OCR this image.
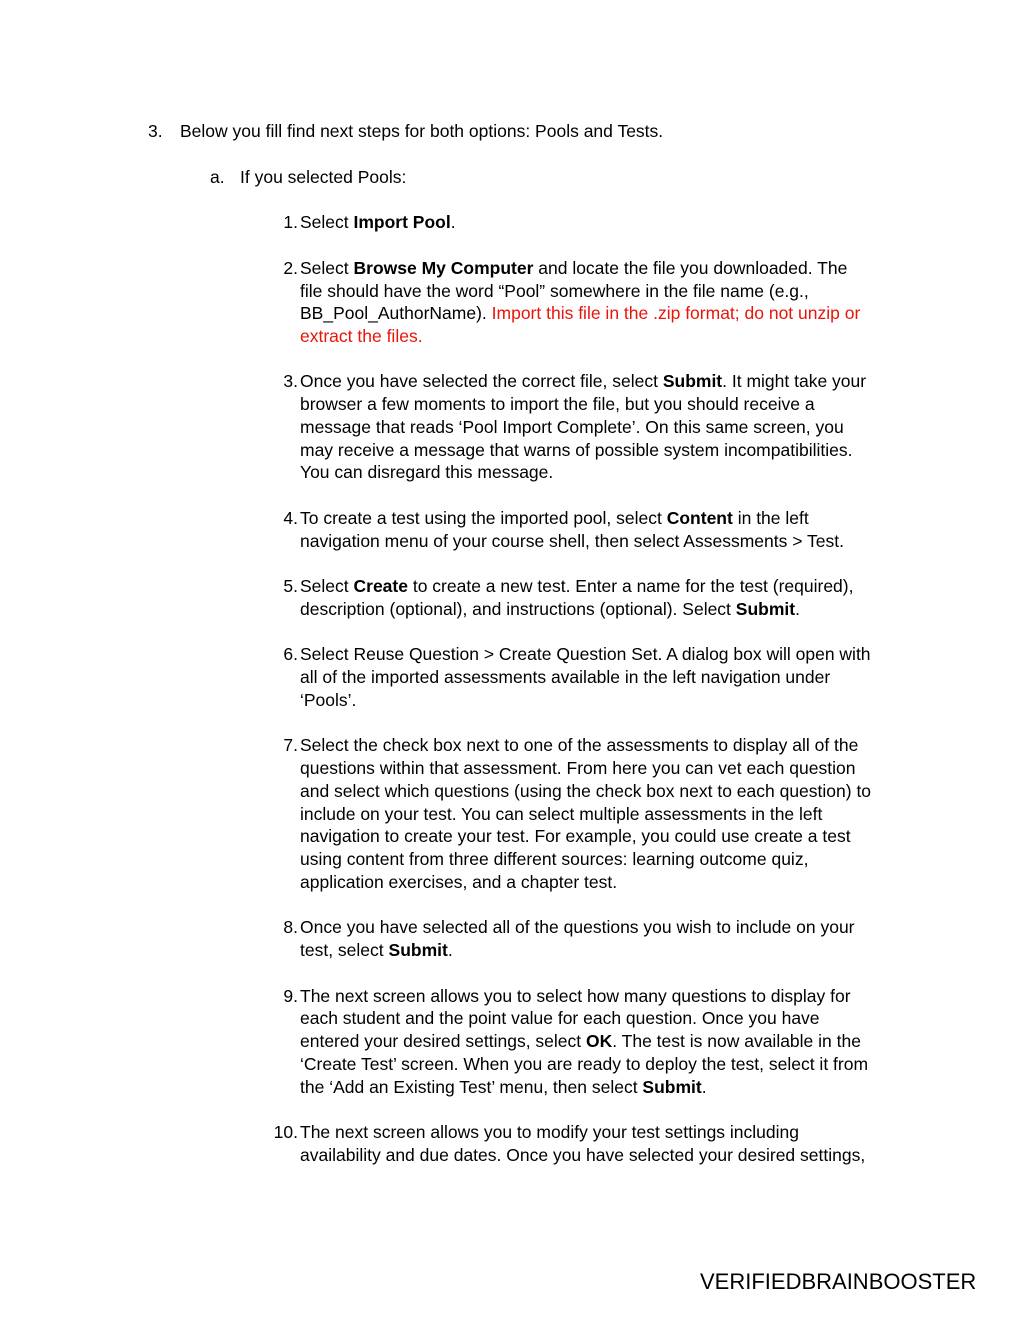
3. Below you fill find next steps for both options: Pools and Tests.
a. If you selected Pools:
1. Select Import Pool.
2. Select Browse My Computer and locate the file you downloaded. The
file should have the word “Pool” somewhere in the file name (e.g.,
BB_Pool_AuthorName). Import this file in the .zip format; do not unzip or
extract the files.
3. Once you have selected the correct file, select Submit. It might take your
browser a few moments to import the file, but you should receive a
message that reads ‘Pool Import Complete’. On this same screen, you
may receive a message that warns of possible system incompatibilities.
You can disregard this message.
4. To create a test using the imported pool, select Content in the left
navigation menu of your course shell, then select Assessments > Test.
5. Select Create to create a new test. Enter a name for the test (required),
description (optional), and instructions (optional). Select Submit.
6. Select Reuse Question > Create Question Set. A dialog box will open with
all of the imported assessments available in the left navigation under
‘Pools’.
7. Select the check box next to one of the assessments to display all of the
questions within that assessment. From here you can vet each question
and select which questions (using the check box next to each question) to
include on your test. You can select multiple assessments in the left
navigation to create your test. For example, you could use create a test
using content from three different sources: learning outcome quiz,
application exercises, and a chapter test.
8. Once you have selected all of the questions you wish to include on your
test, select Submit.
9. The next screen allows you to select how many questions to display for
each student and the point value for each question. Once you have
entered your desired settings, select OK. The test is now available in the
‘Create Test’ screen. When you are ready to deploy the test, select it from
the ‘Add an Existing Test’ menu, then select Submit.
10. The next screen allows you to modify your test settings including
availability and due dates. Once you have selected your desired settings,
VERIFIEDBRAINBOOSTER
